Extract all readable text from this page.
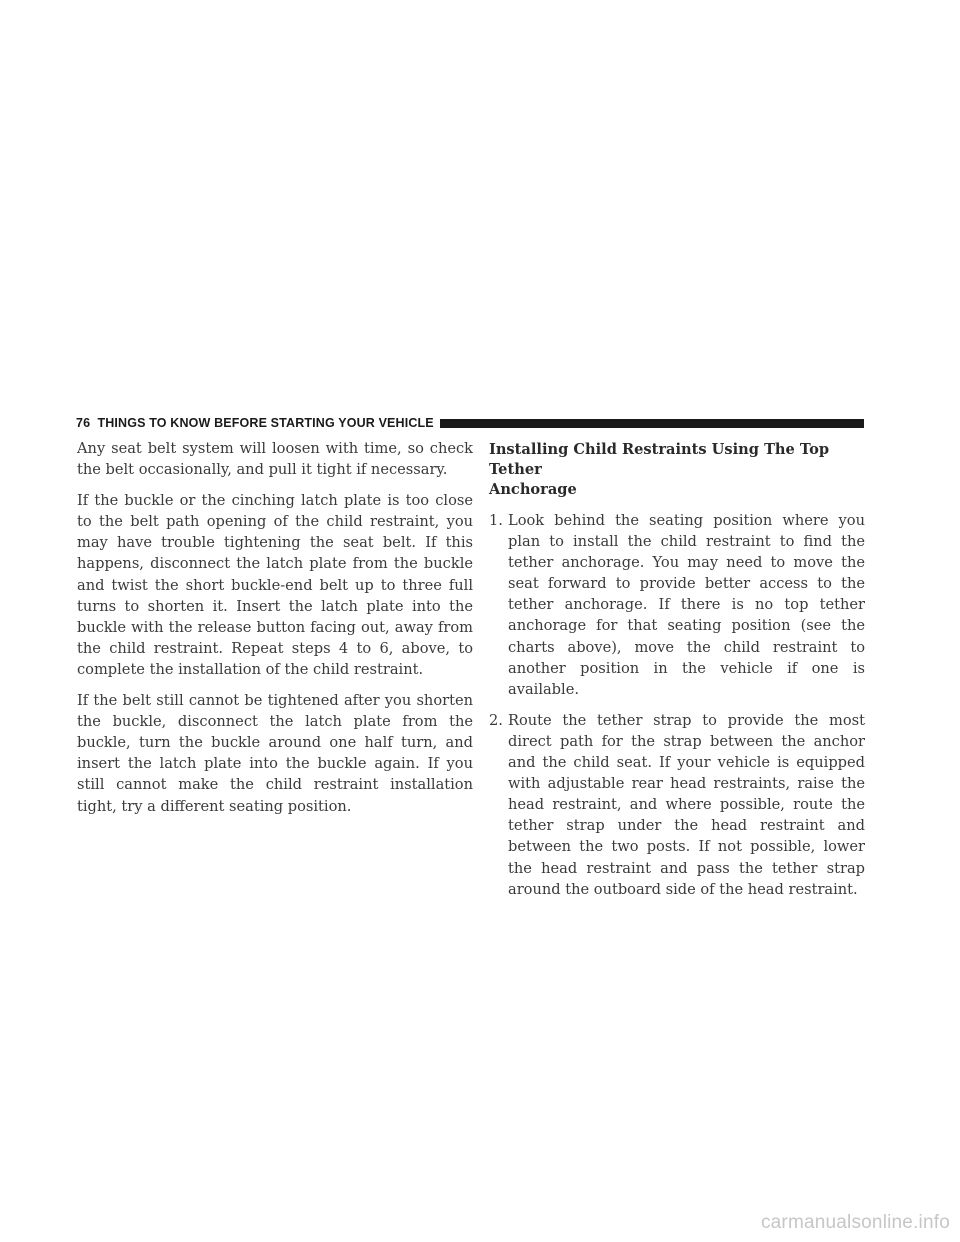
76 THINGS TO KNOW BEFORE STARTING YOUR VEHICLE

Any seat belt system will loosen with time, so check the belt occasionally, and pull it tight if necessary.

If the buckle or the cinching latch plate is too close to the belt path opening of the child restraint, you may have trouble tightening the seat belt. If this happens, disconnect the latch plate from the buckle and twist the short buckle-end belt up to three full turns to shorten it. Insert the latch plate into the buckle with the release button facing out, away from the child restraint. Repeat steps 4 to 6, above, to complete the installation of the child restraint.

If the belt still cannot be tightened after you shorten the buckle, disconnect the latch plate from the buckle, turn the buckle around one half turn, and insert the latch plate into the buckle again. If you still cannot make the child restraint installation tight, try a different seating position.

Installing Child Restraints Using The Top Tether
Anchorage
1. Look behind the seating position where you plan to install the child restraint to find the tether anchorage. You may need to move the seat forward to provide better access to the tether anchorage. If there is no top tether anchorage for that seating position (see the charts above), move the child restraint to another position in the vehicle if one is available.
2. Route the tether strap to provide the most direct path for the strap between the anchor and the child seat. If your vehicle is equipped with adjustable rear head restraints, raise the head restraint, and where possible, route the tether strap under the head restraint and between the two posts. If not possible, lower the head restraint and pass the tether strap around the outboard side of the head restraint.
carmanualsonline.info
